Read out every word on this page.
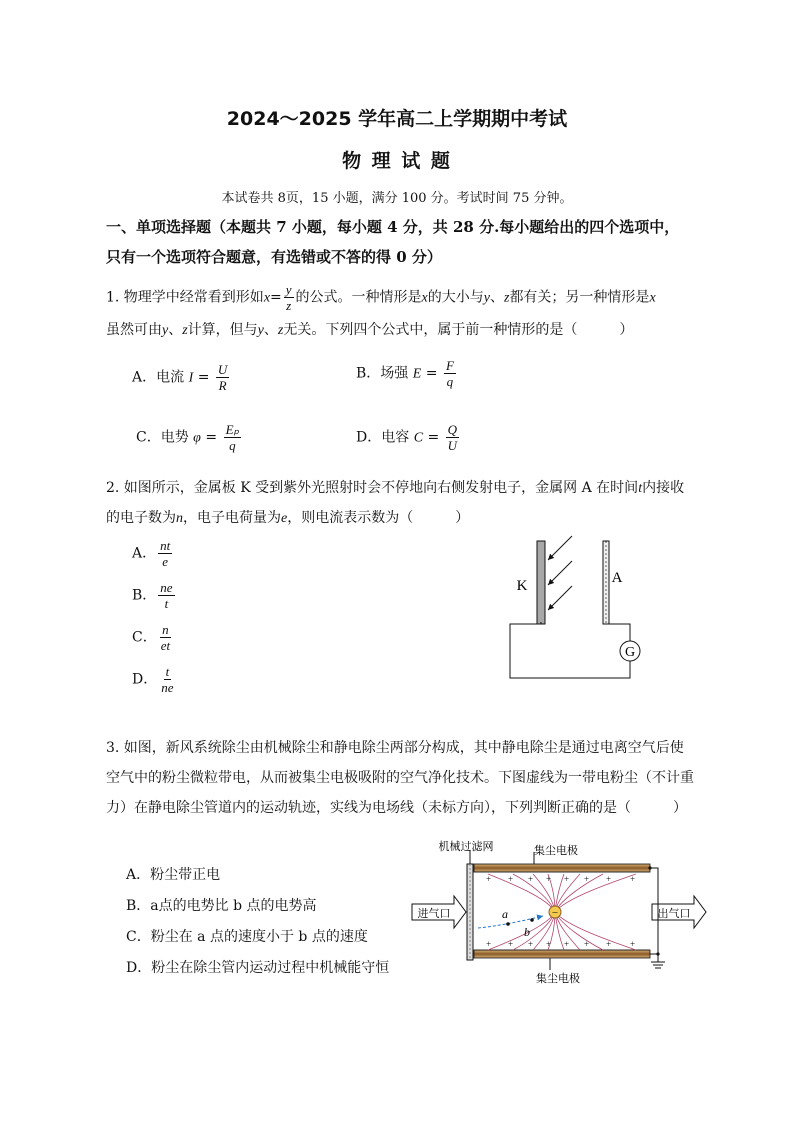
2024～2025 学年高二上学期期中考试
物 理 试 题
本试卷共 8页，15 小题，满分 100 分。考试时间 75 分钟。
一、单项选择题（本题共 7 小题，每小题 4 分，共 28 分.每小题给出的四个选项中，
只有一个选项符合题意，有选错或不答的得 0 分）
1. 物理学中经常看到形如$x= \frac{y}{z}$ 的公式。一种情形是x的大小与y、z都有关；另一种情形是x
虽然可由y、z计算，但与y、z无关。下列四个公式中，属于前一种情形的是（　　　）
A．电流 $I = \frac{U}{R}$	B．场强 $E = \frac{F}{q}$
C．电势 $\varphi = \frac{\text{Eₚ}}{q}$	D．电容 $C = \frac{Q}{U}$
2. 如图所示，金属板 K 受到紫外光照射时会不停地向右侧发射电子，金属网 A 在时间t内接收
的电子数为n，电子电荷量为e，则电流表示数为（　　　）
A． $\frac{nt}{e}$
B． $\frac{ne}{t}$
C． $\frac{n}{et}$
D． $\frac{t}{ne}$
G
K	A
3. 如图，新风系统除尘由机械除尘和静电除尘两部分构成，其中静电除尘是通过电离空气后使
空气中的粉尘微粒带电，从而被集尘电极吸附的空气净化技术。下图虚线为一带电粉尘（不计重
力）在静电除尘管道内的运动轨迹，实线为电场线（未标方向），下列判断正确的是（　　　）
A．粉尘带正电
B．a点的电势比 b 点的电势高
C．粉尘在 a 点的速度小于 b 点的速度
D．粉尘在除尘管内运动过程中机械能守恒
机械过滤网	集尘电极
集尘电极
+ + + + + + + +
+ + + + + + + +
−
a
b
进气口	出气口
